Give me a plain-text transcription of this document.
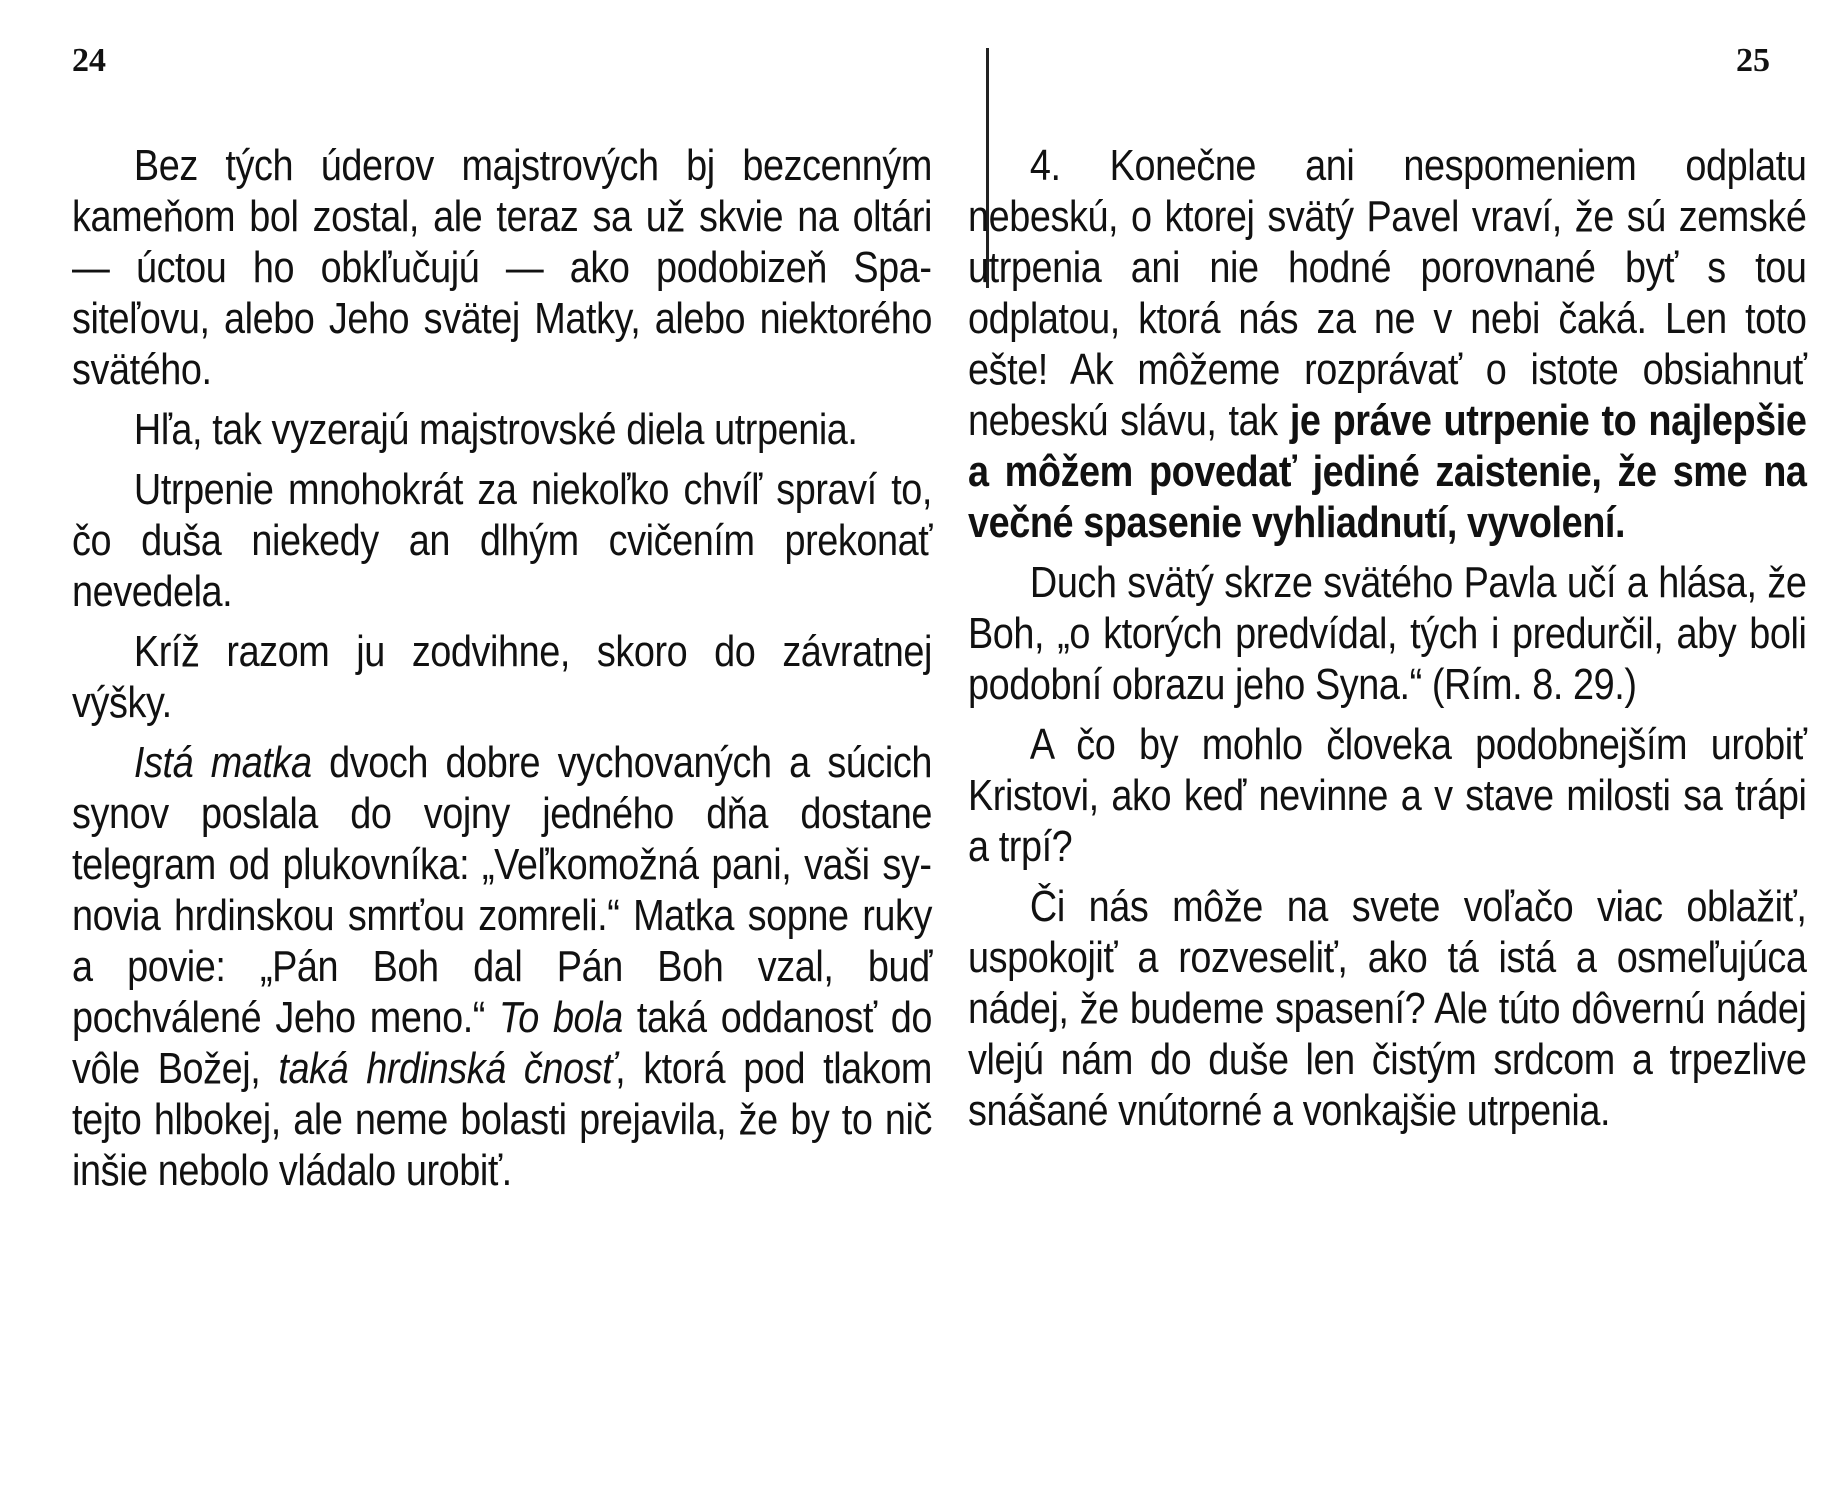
24

Bez tých úderov majstrových bj bezcenným kameňom bol zostal, ale teraz sa už skvie na oltári — úctou ho obkľučujú — ako podobizeň Spasiteľovu, alebo Jeho svätej Matky, alebo niektorého svätého.

Hľa, tak vyzerajú majstrovské diela utrpenia.

Utrpenie mnohokrát za niekoľko chvíľ spraví to, čo duša niekedy an dlhým cvičením prekonať nevedela.

Kríž razom ju zodvihne, skoro do závratnej výšky.

Istá matka dvoch dobre vychovaných a súcich synov poslala do vojny jedného dňa dostane telegram od plukovníka: „Veľkomožná pani, vaši synovia hrdinskou smrťou zomreli.“ Matka sopne ruky a povie: „Pán Boh dal Pán Boh vzal, buď pochválené Jeho meno.“ To bola taká oddanosť do vôle Božej, taká hrdinská čnosť, ktorá pod tlakom tejto hlbokej, ale neme bolasti prejavila, že by to nič inšie nebolo vládalo urobiť.

25

4. Konečne ani nespomeniem odplatu nebeskú, o ktorej svätý Pavel vraví, že sú zemské utrpenia ani nie hodné porovnané byť s tou odplatou, ktorá nás za ne v nebi čaká. Len toto ešte! Ak môžeme rozprávať o istote obsiahnuť nebeskú slávu, tak je práve utrpenie to najlepšie a môžem povedať jediné zaistenie, že sme na večné spasenie vyhliadnutí, vyvolení.

Duch svätý skrze svätého Pavla učí a hlása, že Boh, „o ktorých predvídal, tých i predurčil, aby boli podobní obrazu jeho Syna.“ (Rím. 8. 29.)

A čo by mohlo človeka podobnejším urobiť Kristovi, ako keď nevinne a v stave milosti sa trápi a trpí?

Či nás môže na svete voľačo viac oblažiť, uspokojiť a rozveseliť, ako tá istá a osmeľujúca nádej, že budeme spasení? Ale túto dôvernú nádej vlejú nám do duše len čistým srdcom a trpezlive snášané vnútorné a vonkajšie utrpenia.
